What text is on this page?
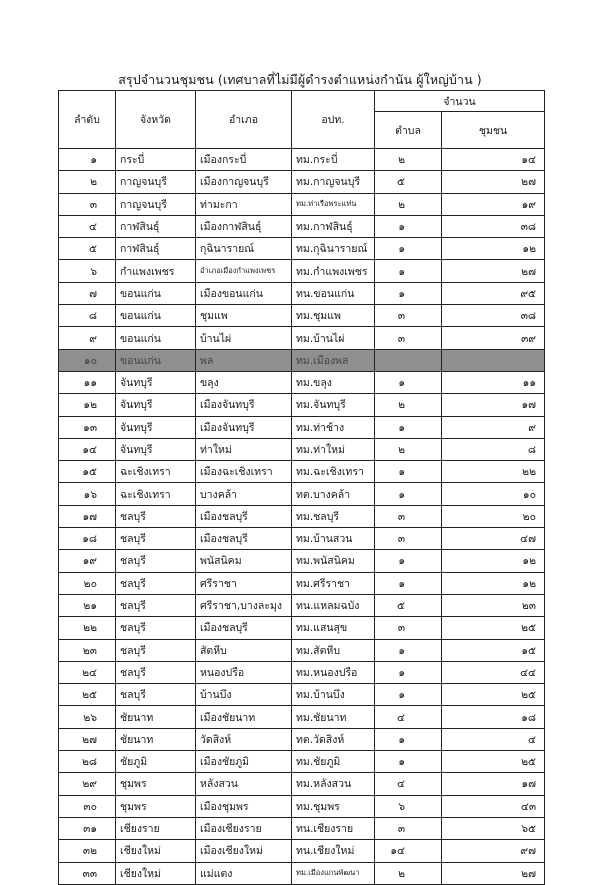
สรุปจำนวนชุมชน (เทศบาลที่ไม่มีผู้ดำรงตำแหน่งกำนัน ผู้ใหญ่บ้าน )
ลำดับ	จังหวัด	อำเภอ	อปท.	จำนวน	
				ตำบล	ชุมชน
๑	กระบี่	เมืองกระบี่	ทม.กระบี่	๒	๑๔
๒	กาญจนบุรี	เมืองกาญจนบุรี	ทม.กาญจนบุรี	๕	๒๗
๓	กาญจนบุรี	ท่ามะกา	ทม.ท่าเรือพระแท่น	๒	๑๙
๔	กาฬสินธุ์	เมืองกาฬสินธุ์	ทม.กาฬสินธุ์	๑	๓๘
๕	กาฬสินธุ์	กุฉินารายณ์	ทม.กุฉินารายณ์	๑	๑๒
๖	กำแพงเพชร	อำเภอเมืองกำแพงเพชร	ทม.กำแพงเพชร	๑	๒๗
๗	ขอนแก่น	เมืองขอนแก่น	ทน.ขอนแก่น	๑	๙๕
๘	ขอนแก่น	ชุมแพ	ทม.ชุมแพ	๓	๓๘
๙	ขอนแก่น	บ้านไผ่	ทม.บ้านไผ่	๓	๓๙
๑๐	ขอนแก่น	พล	ทม.เมืองพล		
๑๑	จันทบุรี	ขลุง	ทม.ขลุง	๑	๑๑
๑๒	จันทบุรี	เมืองจันทบุรี	ทม.จันทบุรี	๒	๑๗
๑๓	จันทบุรี	เมืองจันทบุรี	ทม.ท่าช้าง	๑	๙
๑๔	จันทบุรี	ท่าใหม่	ทม.ท่าใหม่	๒	๘
๑๕	ฉะเชิงเทรา	เมืองฉะเชิงเทรา	ทม.ฉะเชิงเทรา	๑	๒๒
๑๖	ฉะเชิงเทรา	บางคล้า	ทต.บางคล้า	๑	๑๐
๑๗	ชลบุรี	เมืองชลบุรี	ทม.ชลบุรี	๓	๒๐
๑๘	ชลบุรี	เมืองชลบุรี	ทม.บ้านสวน	๓	๔๗
๑๙	ชลบุรี	พนัสนิคม	ทม.พนัสนิคม	๑	๑๒
๒๐	ชลบุรี	ศรีราชา	ทม.ศรีราชา	๑	๑๒
๒๑	ชลบุรี	ศรีราชา,บางละมุง	ทน.แหลมฉบัง	๕	๒๓
๒๒	ชลบุรี	เมืองชลบุรี	ทม.แสนสุข	๓	๒๕
๒๓	ชลบุรี	สัตหีบ	ทม.สัตหีบ	๑	๑๕
๒๔	ชลบุรี	หนองปรือ	ทม.หนองปรือ	๑	๔๔
๒๕	ชลบุรี	บ้านบึง	ทม.บ้านบึง	๑	๒๕
๒๖	ชัยนาท	เมืองชัยนาท	ทม.ชัยนาท	๔	๑๘
๒๗	ชัยนาท	วัดสิงห์	ทต.วัดสิงห์	๑	๔
๒๘	ชัยภูมิ	เมืองชัยภูมิ	ทม.ชัยภูมิ	๑	๒๕
๒๙	ชุมพร	หลังสวน	ทม.หลังสวน	๔	๑๗
๓๐	ชุมพร	เมืองชุมพร	ทม.ชุมพร	๖	๔๓
๓๑	เชียงราย	เมืองเชียงราย	ทน.เชียงราย	๓	๖๕
๓๒	เชียงใหม่	เมืองเชียงใหม่	ทน.เชียงใหม่	๑๔	๙๗
๓๓	เชียงใหม่	แม่แตง	ทม.เมืองแกนพัฒนา	๒	๒๗
